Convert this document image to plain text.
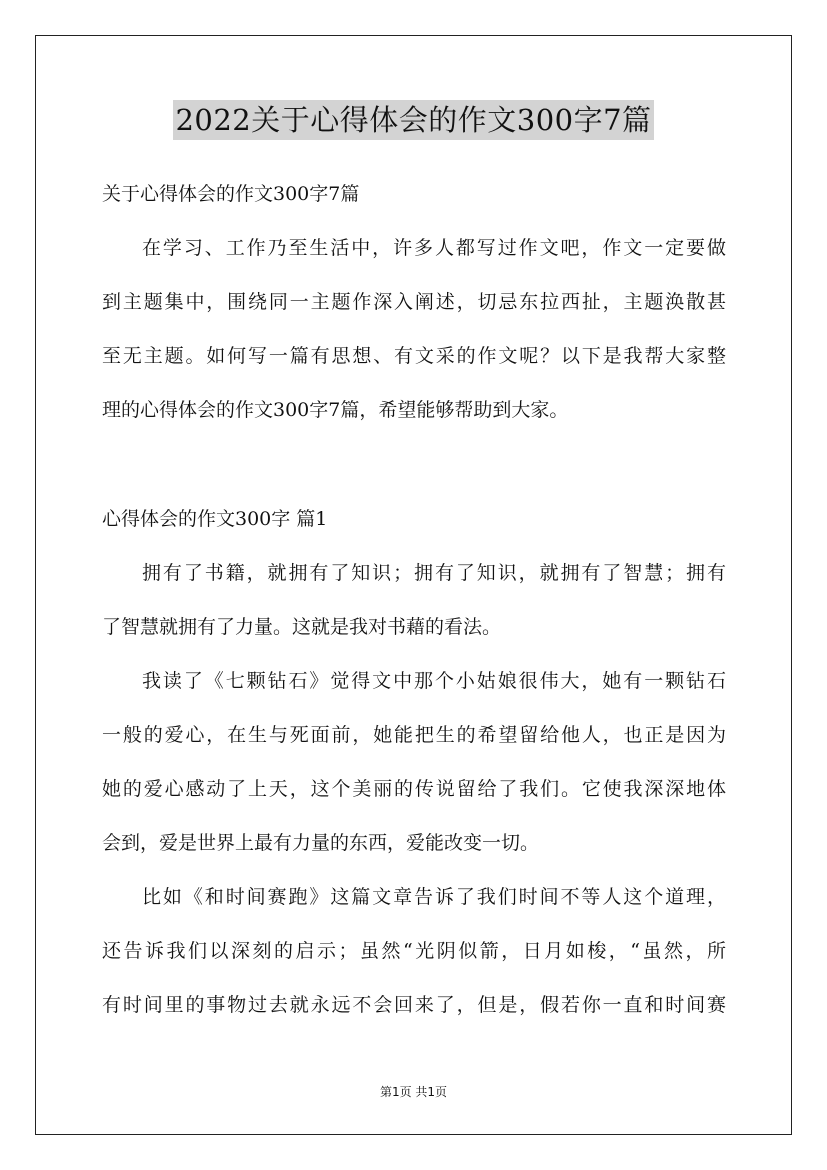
2022关于心得体会的作文300字7篇
关于心得体会的作文300字7篇
在学习、工作乃至生活中，许多人都写过作文吧，作文一定要做
到主题集中，围绕同一主题作深入阐述，切忌东拉西扯，主题涣散甚
至无主题。如何写一篇有思想、有文采的作文呢？以下是我帮大家整
理的心得体会的作文300字7篇，希望能够帮助到大家。
心得体会的作文300字 篇1
拥有了书籍，就拥有了知识；拥有了知识，就拥有了智慧；拥有
了智慧就拥有了力量。这就是我对书藉的看法。
我读了《七颗钻石》觉得文中那个小姑娘很伟大，她有一颗钻石
一般的爱心，在生与死面前，她能把生的希望留给他人，也正是因为
她的爱心感动了上天，这个美丽的传说留给了我们。它使我深深地体
会到，爱是世界上最有力量的东西，爱能改变一切。
比如《和时间赛跑》这篇文章告诉了我们时间不等人这个道理，
还告诉我们以深刻的启示；虽然“光阴似箭，日月如梭，“虽然，所
有时间里的事物过去就永远不会回来了，但是，假若你一直和时间赛
第1页 共1页
